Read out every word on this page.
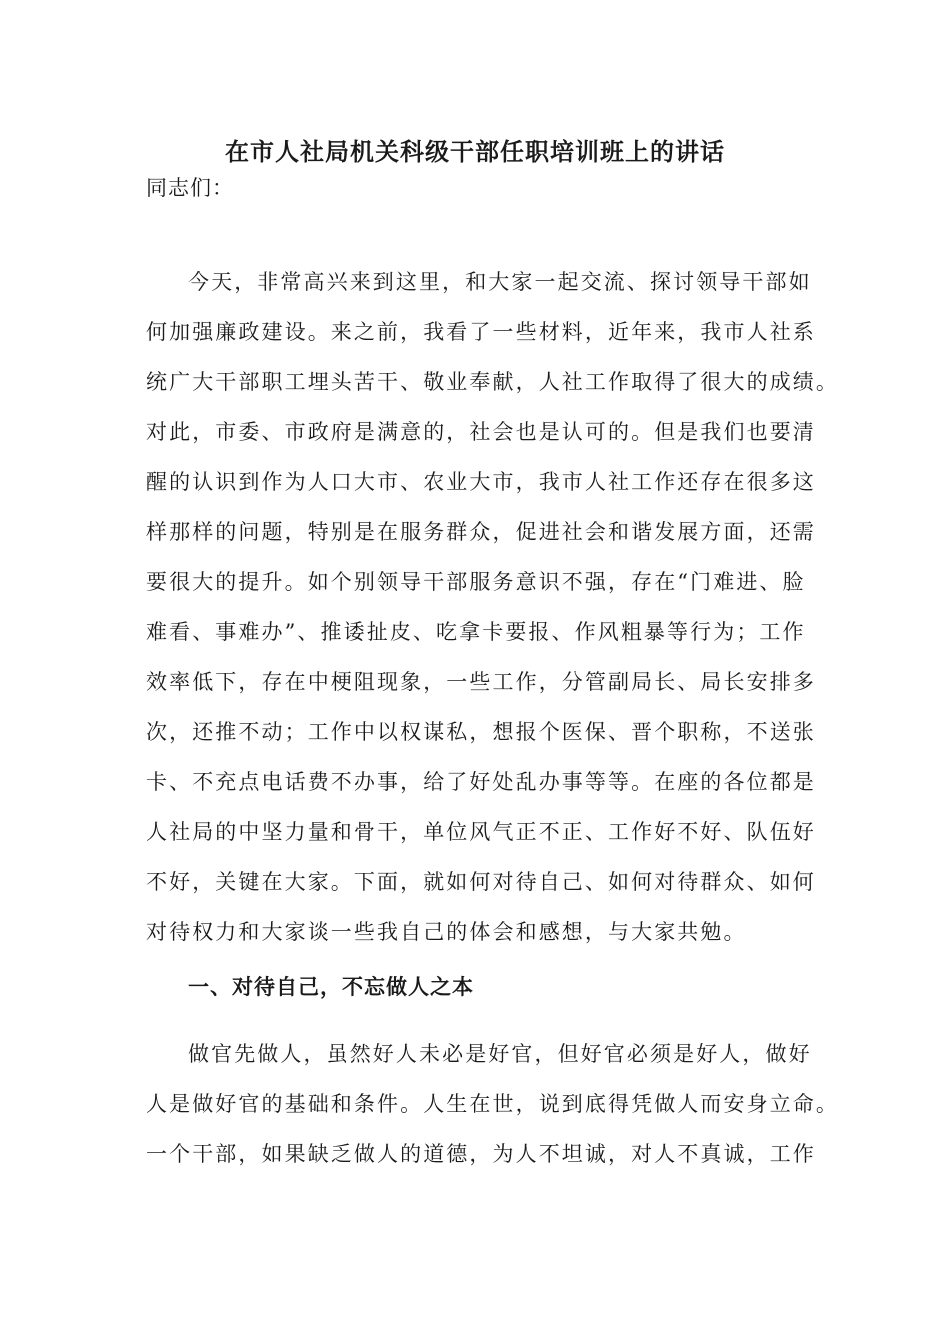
在市人社局机关科级干部任职培训班上的讲话
同志们：
今天，非常高兴来到这里，和大家一起交流、探讨领导干部如
何加强廉政建设。来之前，我看了一些材料，近年来，我市人社系
统广大干部职工埋头苦干、敬业奉献，人社工作取得了很大的成绩。
对此，市委、市政府是满意的，社会也是认可的。但是我们也要清
醒的认识到作为人口大市、农业大市，我市人社工作还存在很多这
样那样的问题，特别是在服务群众，促进社会和谐发展方面，还需
要很大的提升。如个别领导干部服务意识不强，存在“门难进、脸
难看、事难办”、推诿扯皮、吃拿卡要报、作风粗暴等行为；工作
效率低下，存在中梗阻现象，一些工作，分管副局长、局长安排多
次，还推不动；工作中以权谋私，想报个医保、晋个职称，不送张
卡、不充点电话费不办事，给了好处乱办事等等。在座的各位都是
人社局的中坚力量和骨干，单位风气正不正、工作好不好、队伍好
不好，关键在大家。下面，就如何对待自己、如何对待群众、如何
对待权力和大家谈一些我自己的体会和感想，与大家共勉。
一、对待自己，不忘做人之本
做官先做人，虽然好人未必是好官，但好官必须是好人，做好
人是做好官的基础和条件。人生在世，说到底得凭做人而安身立命。
一个干部，如果缺乏做人的道德，为人不坦诚，对人不真诚，工作
